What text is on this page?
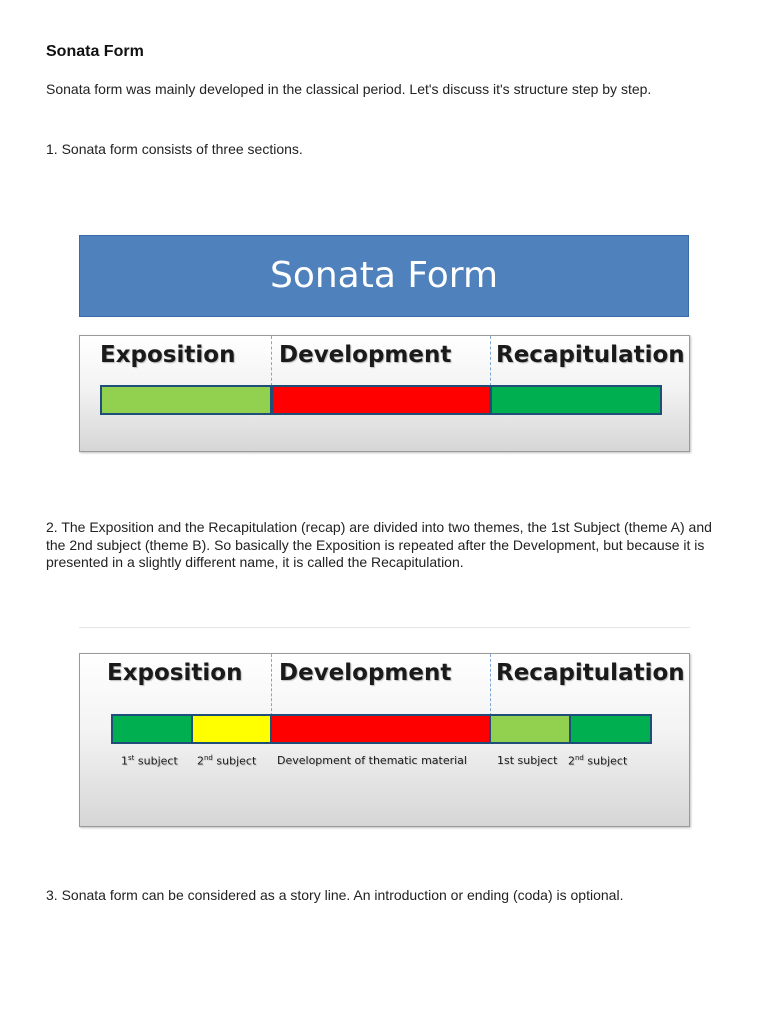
Sonata Form
Sonata form was mainly developed in the classical period. Let's discuss it's structure step by step.
1. Sonata form consists of three sections.
Sonata Form
Exposition Development Recapitulation
2. The Exposition and the Recapitulation (recap) are divided into two themes, the 1st Subject (theme A) and the 2nd subject (theme B). So basically the Exposition is repeated after the Development, but because it is presented in a slightly different name, it is called the Recapitulation.
Exposition Development Recapitulation
1st subject 2nd subject Development of thematic material	1st subject 2nd subject
3. Sonata form can be considered as a story line. An introduction or ending (coda) is optional.
